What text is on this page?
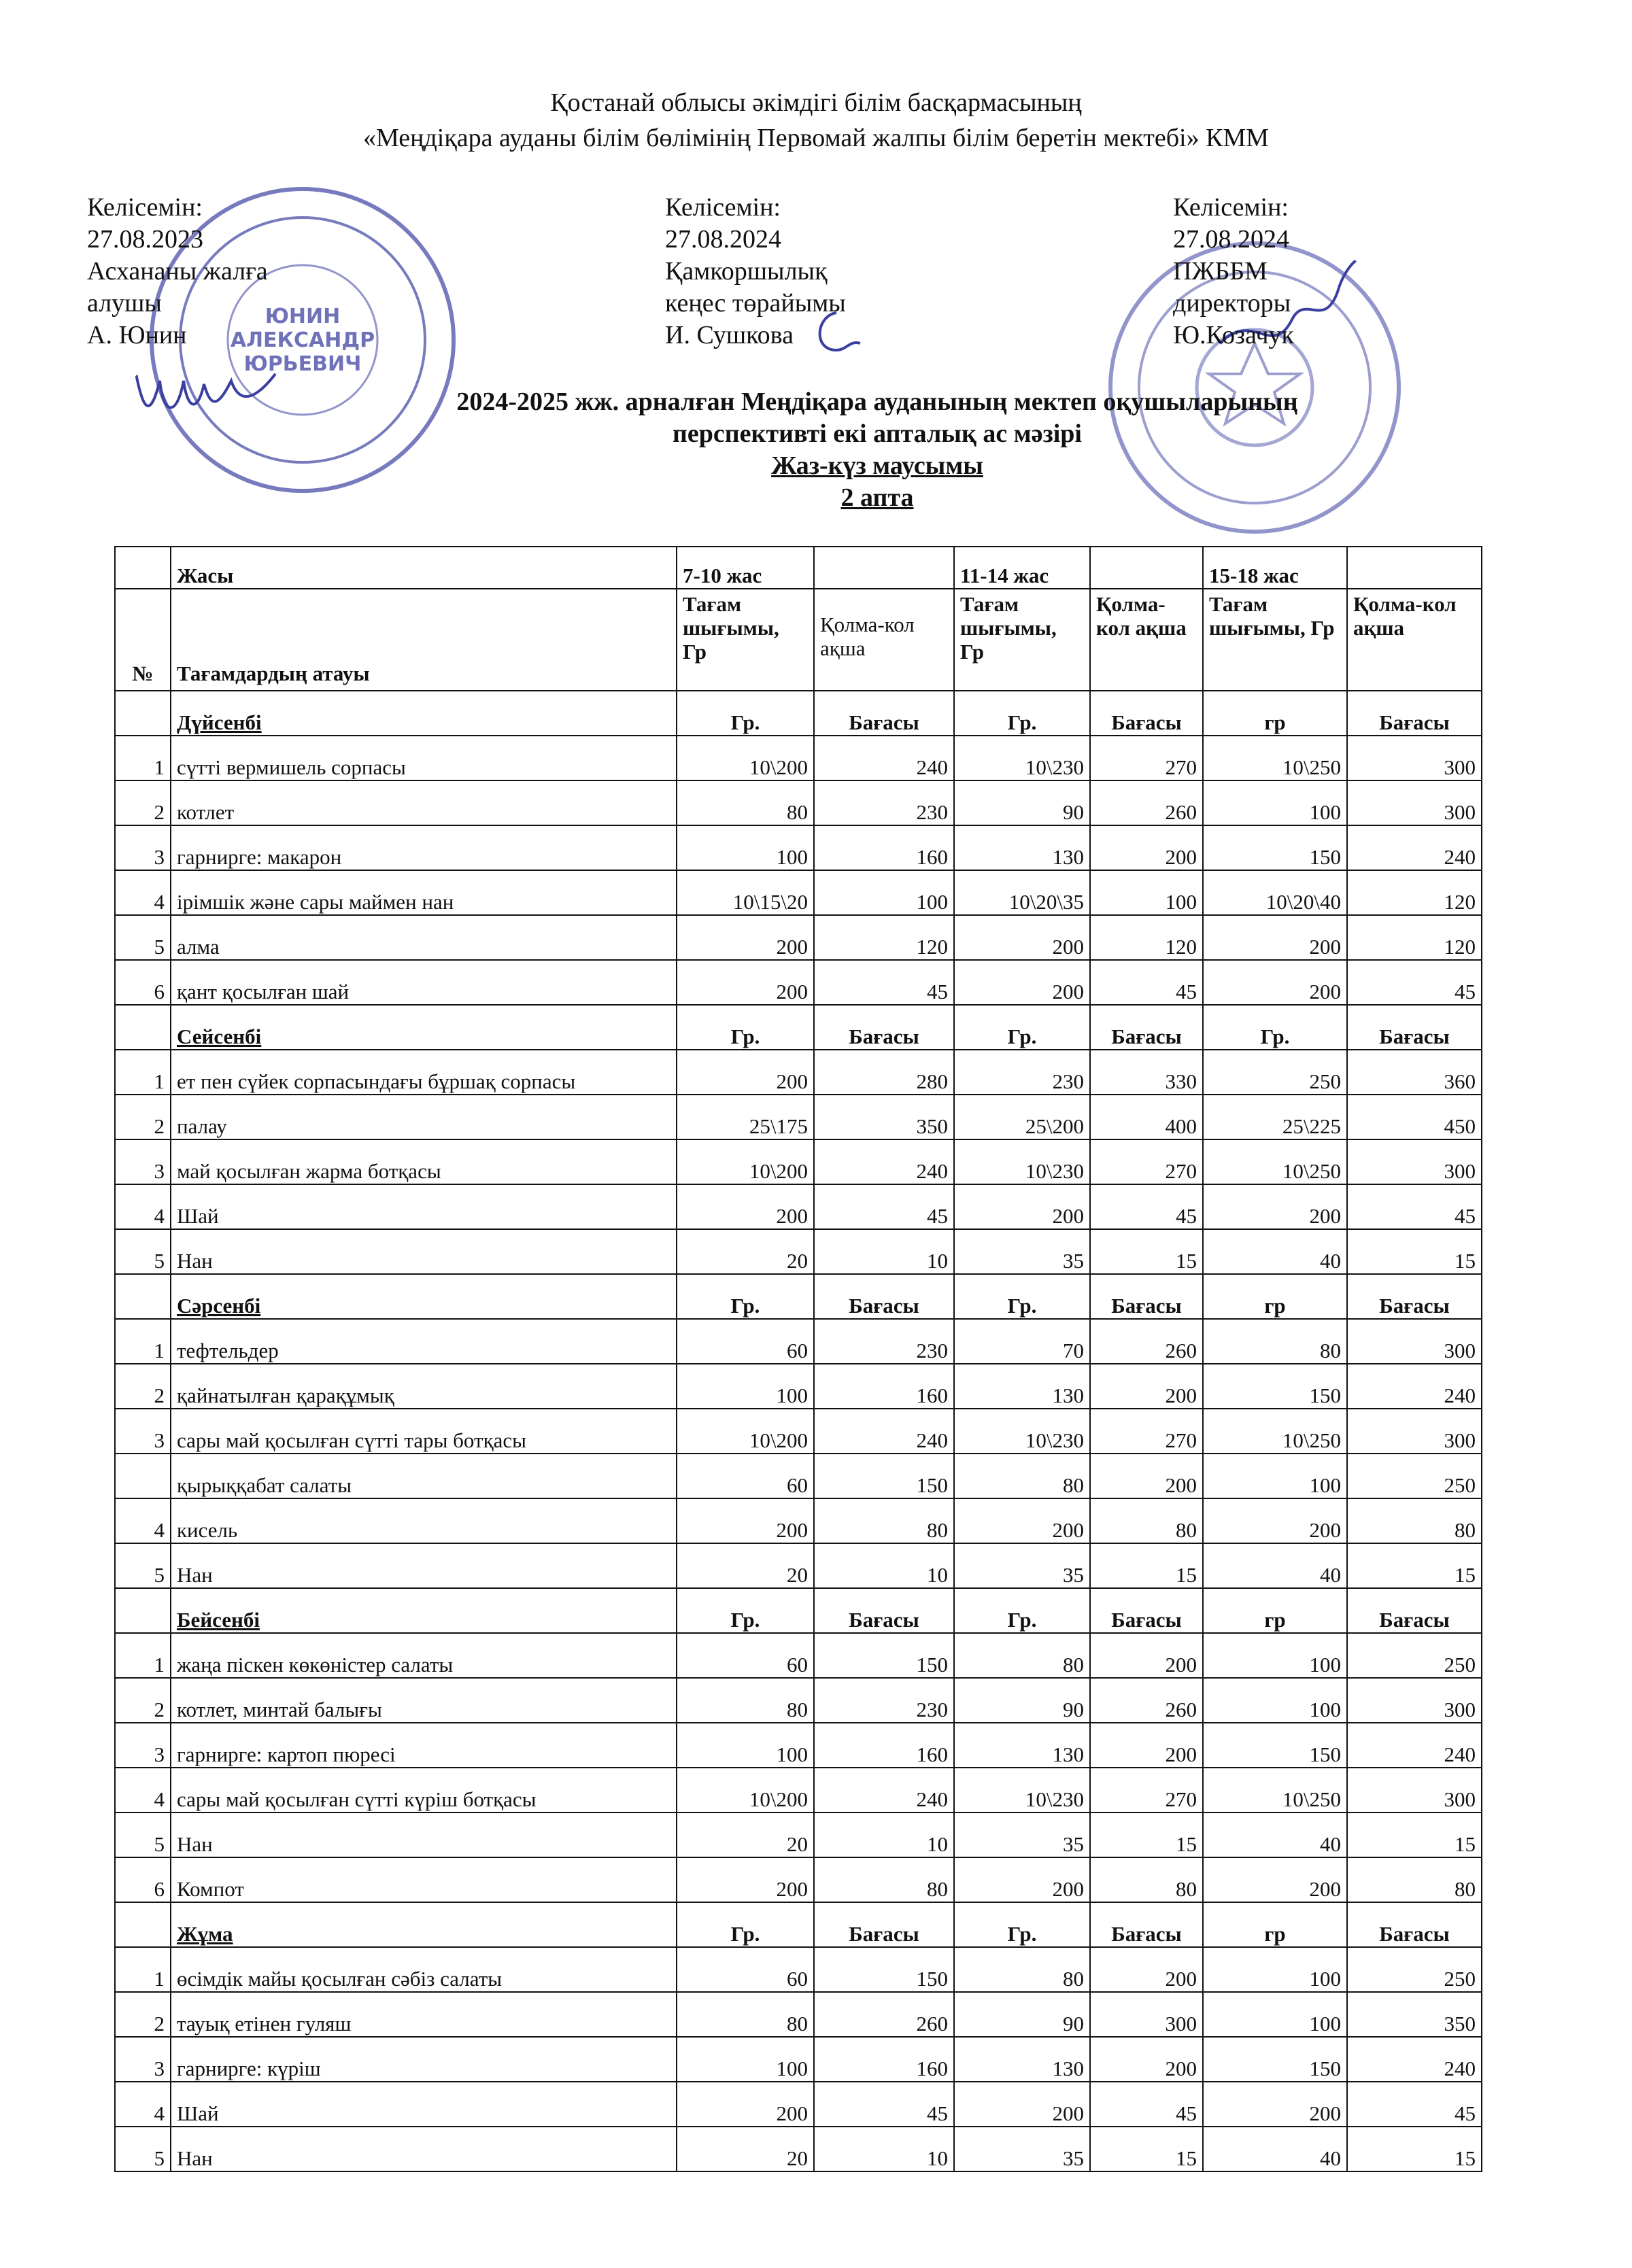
Қостанай облысы әкімдігі білім басқармасының
«Меңдіқара ауданы білім бөлімінің Первомай жалпы білім беретін мектебі» КММ
ЮНИН
АЛЕКСАНДР
ЮРЬЕВИЧ
Келісемін:
27.08.2023
Асхананы жалға
алушы
А. Юнин
Келісемін:
27.08.2024
Қамкоршылық
кеңес төрайымы
И. Сушкова
Келісемін:
27.08.2024
ПЖББМ
директоры
Ю.Козачук
2024-2025 жж. арналған Меңдіқара ауданының мектеп оқушыларының
перспективті екі апталық ас мәзірі
Жаз-күз маусымы
2 апта
	Жасы	7-10 жас		11-14 жас		15-18 жас	
№	Тағамдардың атауы	Тағам шығымы, Гр	Қолма-кол ақша	Тағам шығымы, Гр	Қолма-кол ақша	Тағам шығымы, Гр	Қолма-кол ақша
	Дүйсенбі	Гр.	Бағасы	Гр.	Бағасы	гр	Бағасы
1	сүтті вермишель сорпасы	10\200	240	10\230	270	10\250	300
2	котлет	80	230	90	260	100	300
3	гарнирге: макарон	100	160	130	200	150	240
4	ірімшік және сары маймен нан	10\15\20	100	10\20\35	100	10\20\40	120
5	алма	200	120	200	120	200	120
6	қант қосылған шай	200	45	200	45	200	45
	Сейсенбі	Гр.	Бағасы	Гр.	Бағасы	Гр.	Бағасы
1	ет пен сүйек сорпасындағы бұршақ сорпасы	200	280	230	330	250	360
2	палау	25\175	350	25\200	400	25\225	450
3	май қосылған жарма ботқасы	10\200	240	10\230	270	10\250	300
4	Шай	200	45	200	45	200	45
5	Нан	20	10	35	15	40	15
	Сәрсенбі	Гр.	Бағасы	Гр.	Бағасы	гр	Бағасы
1	тефтельдер	60	230	70	260	80	300
2	қайнатылған қарақұмық	100	160	130	200	150	240
3	сары май қосылған сүтті тары ботқасы	10\200	240	10\230	270	10\250	300
	қырыққабат салаты	60	150	80	200	100	250
4	кисель	200	80	200	80	200	80
5	Нан	20	10	35	15	40	15
	Бейсенбі	Гр.	Бағасы	Гр.	Бағасы	гр	Бағасы
1	жаңа піскен көкөністер салаты	60	150	80	200	100	250
2	котлет, минтай балығы	80	230	90	260	100	300
3	гарнирге: картоп пюресі	100	160	130	200	150	240
4	сары май қосылған сүтті күріш ботқасы	10\200	240	10\230	270	10\250	300
5	Нан	20	10	35	15	40	15
6	Компот	200	80	200	80	200	80
	Жұма	Гр.	Бағасы	Гр.	Бағасы	гр	Бағасы
1	өсімдік майы қосылған сәбіз салаты	60	150	80	200	100	250
2	тауық етінен гуляш	80	260	90	300	100	350
3	гарнирге: күріш	100	160	130	200	150	240
4	Шай	200	45	200	45	200	45
5	Нан	20	10	35	15	40	15
